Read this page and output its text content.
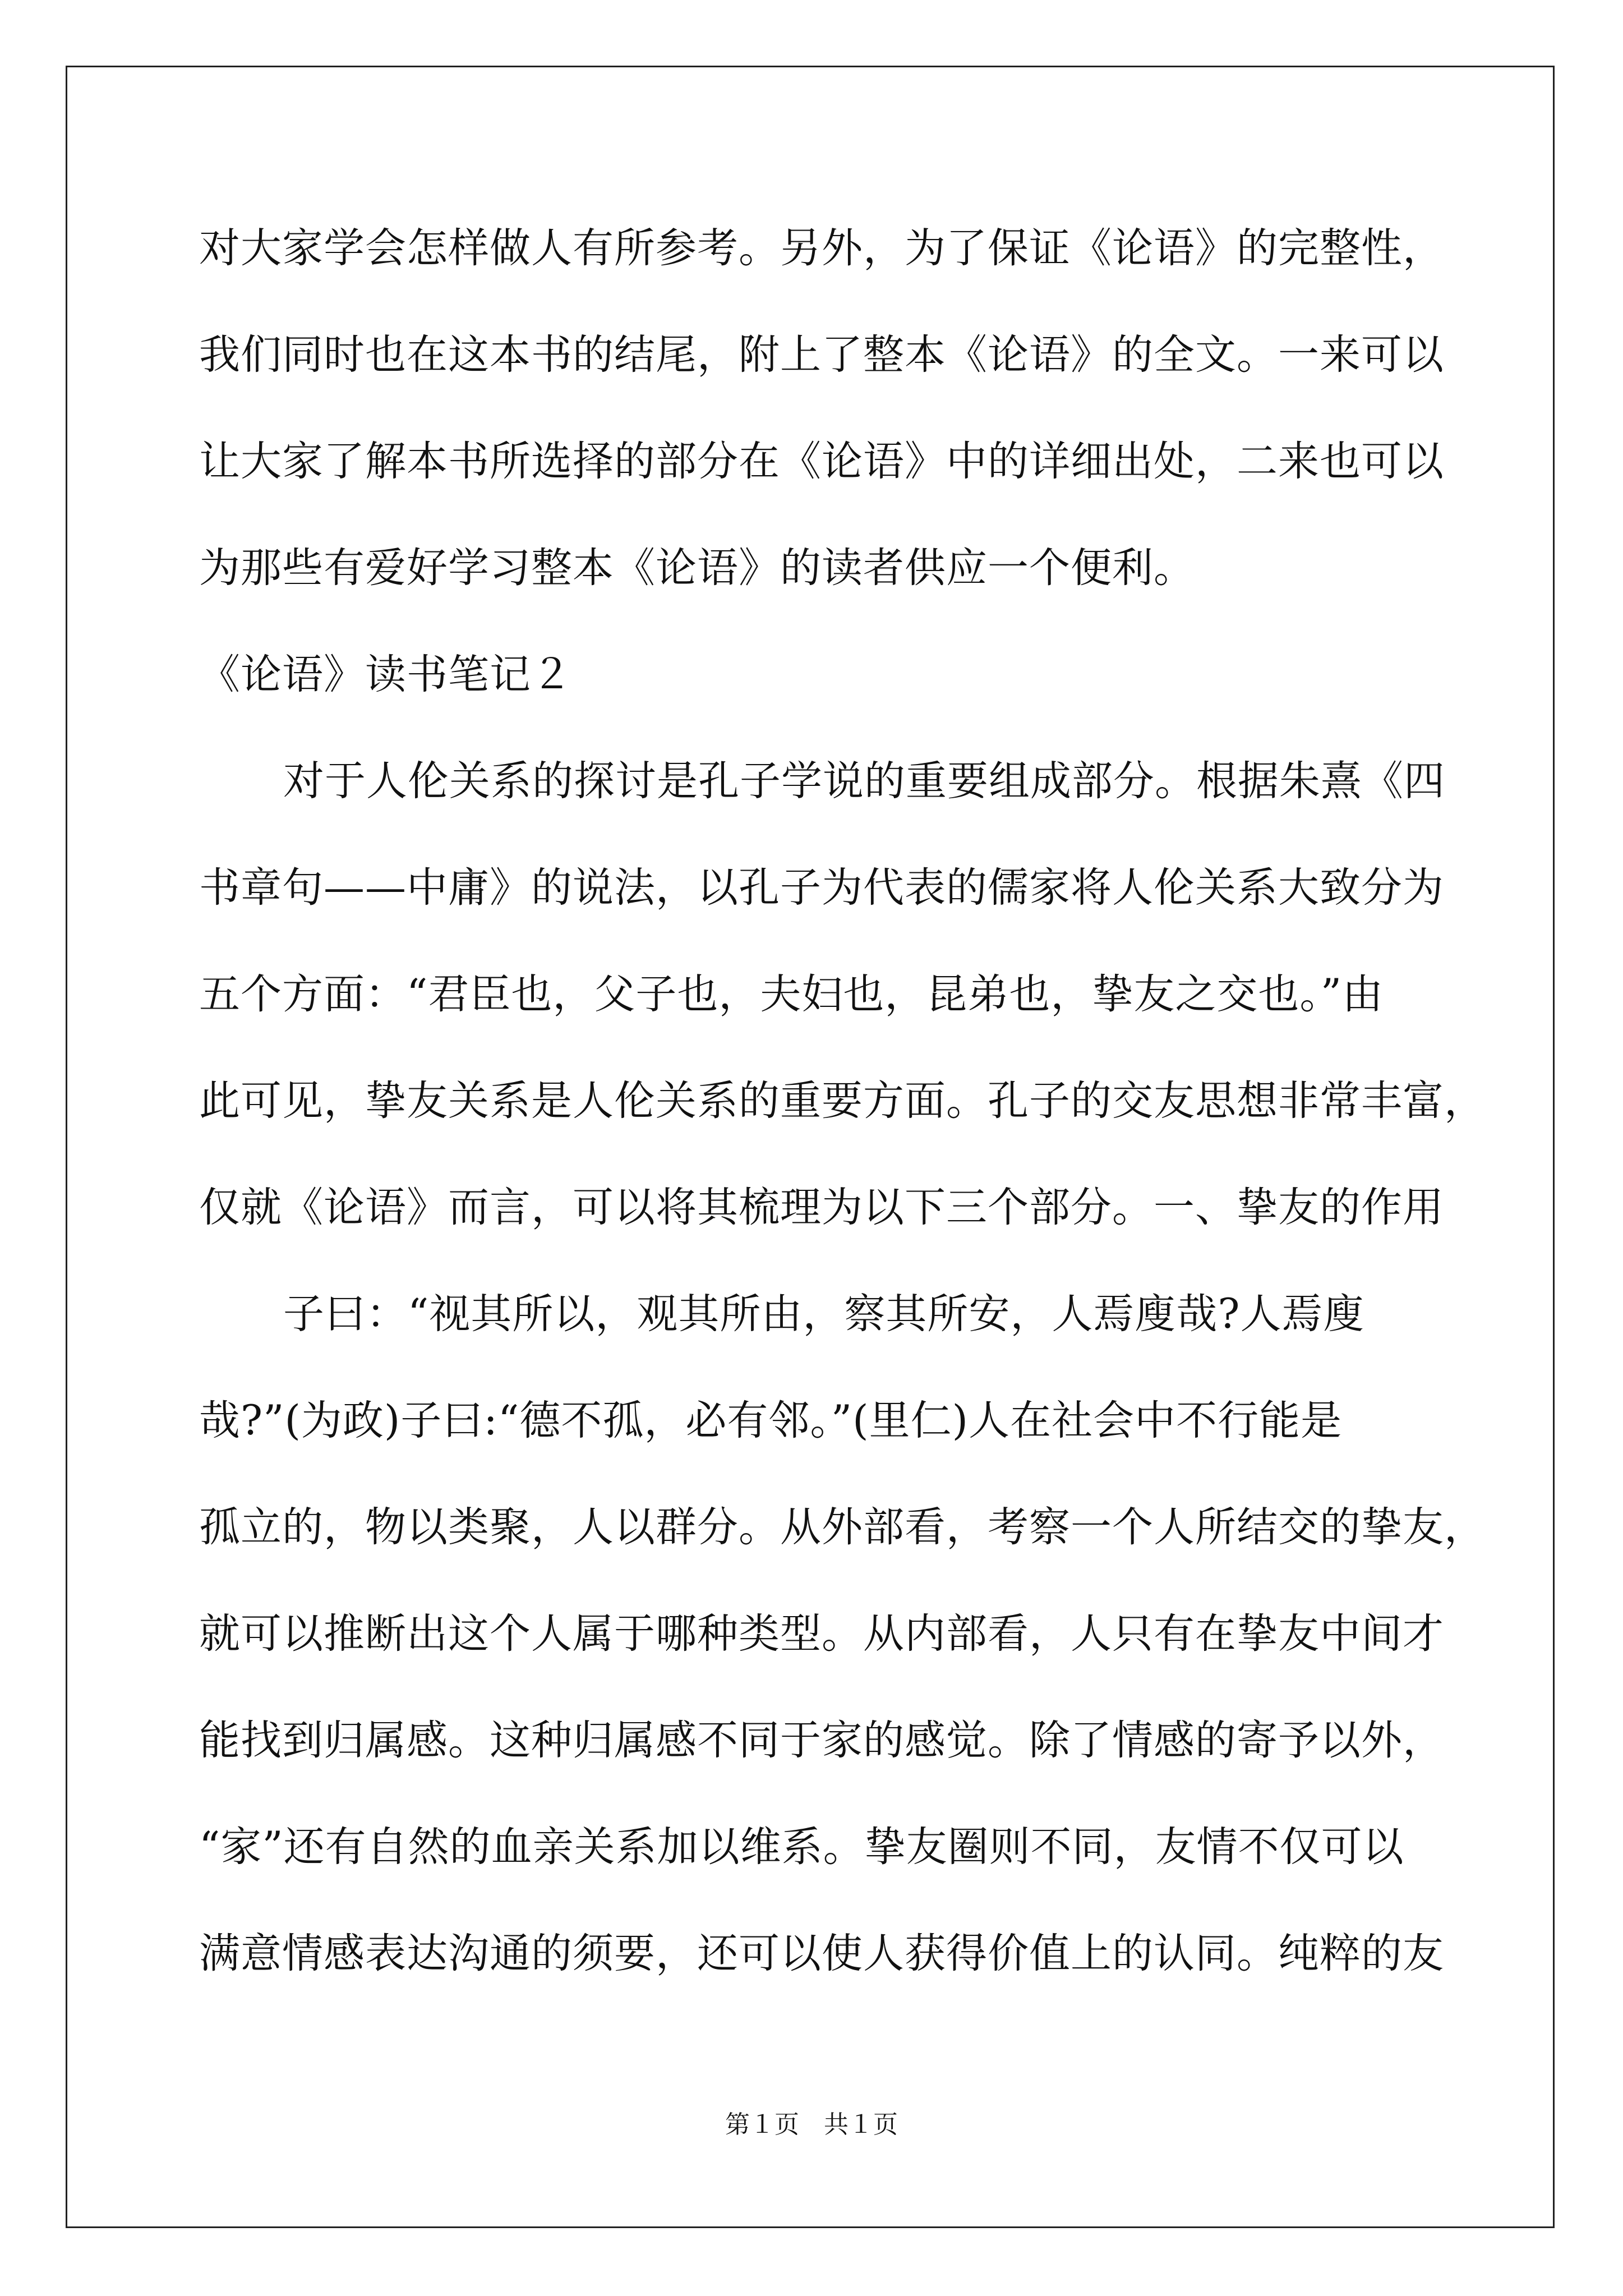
对大家学会怎样做人有所参考。另外，为了保证《论语》的完整性，
我们同时也在这本书的结尾，附上了整本《论语》的全文。一来可以
让大家了解本书所选择的部分在《论语》中的详细出处，二来也可以
为那些有爱好学习整本《论语》的读者供应一个便利。
《论语》读书笔记２
对于人伦关系的探讨是孔子学说的重要组成部分。根据朱熹《四
书章句——中庸》的说法，以孔子为代表的儒家将人伦关系大致分为
五个方面：“君臣也，父子也，夫妇也，昆弟也，挚友之交也。”由
此可见，挚友关系是人伦关系的重要方面。孔子的交友思想非常丰富，
仅就《论语》而言，可以将其梳理为以下三个部分。一、挚友的作用
子曰：“视其所以，观其所由，察其所安，人焉廋哉?人焉廋
哉?”(为政)子曰:“德不孤，必有邻。”(里仁)人在社会中不行能是
孤立的，物以类聚，人以群分。从外部看，考察一个人所结交的挚友，
就可以推断出这个人属于哪种类型。从内部看，人只有在挚友中间才
能找到归属感。这种归属感不同于家的感觉。除了情感的寄予以外，
“家”还有自然的血亲关系加以维系。挚友圈则不同，友情不仅可以
满意情感表达沟通的须要，还可以使人获得价值上的认同。纯粹的友
第１页 共１页
